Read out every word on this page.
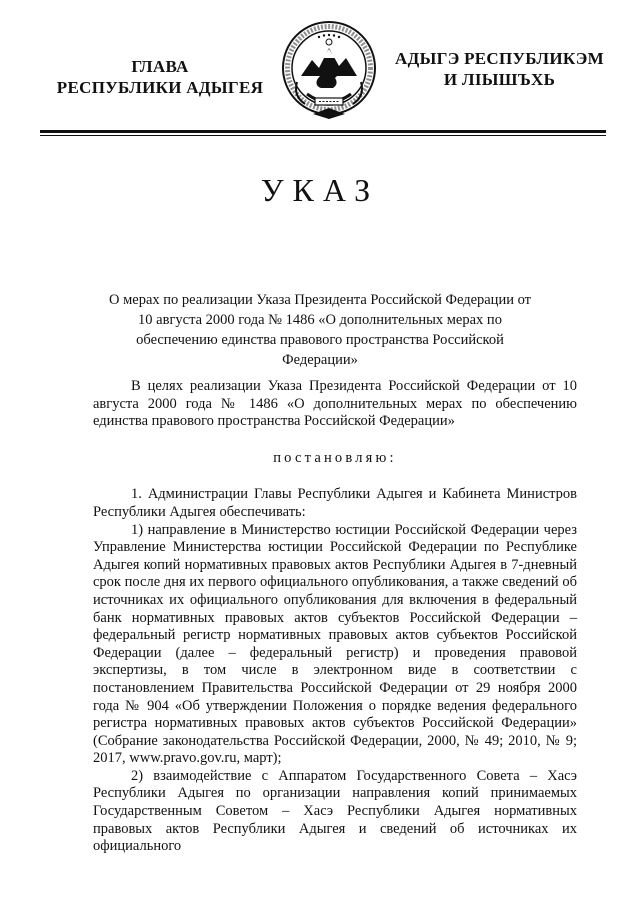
ГЛАВА
РЕСПУБЛИКИ АДЫГЕЯ
АДЫГЭ РЕСПУБЛИКЭМ
И ЛІЫШЪХЬ
УКАЗ
О мерах по реализации Указа Президента Российской Федерации от 10 августа 2000 года № 1486 «О дополнительных мерах по обеспечению единства правового пространства Российской Федерации»

В целях реализации Указа Президента Российской Федерации от 10 августа 2000 года № 1486 «О дополнительных мерах по обеспечению единства правового пространства Российской Федерации»

постановляю:

1. Администрации Главы Республики Адыгея и Кабинета Министров Республики Адыгея обеспечивать:

1) направление в Министерство юстиции Российской Федерации через Управление Министерства юстиции Российской Федерации по Республике Адыгея копий нормативных правовых актов Республики Адыгея в 7-дневный срок после дня их первого официального опубликования, а также сведений об источниках их официального опубликования для включения в федеральный банк нормативных правовых актов субъектов Российской Федерации – федеральный регистр нормативных правовых актов субъектов Российской Федерации (далее – федеральный регистр) и проведения правовой экспертизы, в том числе в электронном виде в соответствии с постановлением Правительства Российской Федерации от 29 ноября 2000 года № 904 «Об утверждении Положения о порядке ведения федерального регистра нормативных правовых актов субъектов Российской Федерации» (Собрание законодательства Российской Федерации, 2000, № 49; 2010, № 9; 2017, www.pravo.gov.ru, март);

2) взаимодействие с Аппаратом Государственного Совета – Хасэ Республики Адыгея по организации направления копий принимаемых Государственным Советом – Хасэ Республики Адыгея нормативных правовых актов Республики Адыгея и сведений об источниках их официального
